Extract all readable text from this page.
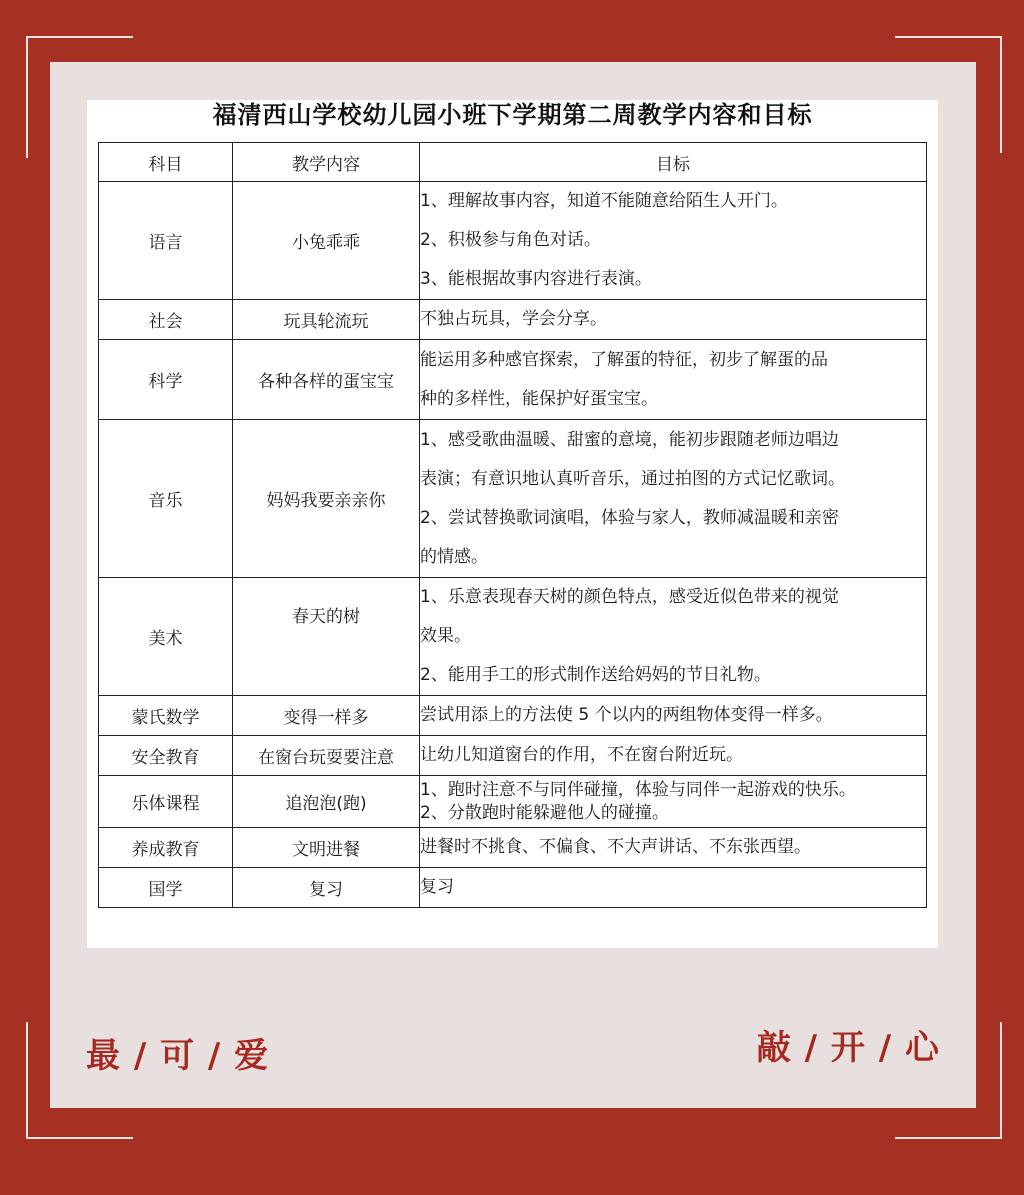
福清西山学校幼儿园小班下学期第二周教学内容和目标
科目	教学内容	目标
语言	小兔乖乖	1、理解故事内容，知道不能随意给陌生人开门。
2、积极参与角色对话。
3、能根据故事内容进行表演。

社会	玩具轮流玩	不独占玩具，学会分享。

科学	各种各样的蛋宝宝	能运用多种感官探索，了解蛋的特征，初步了解蛋的品
种的多样性，能保护好蛋宝宝。

音乐	妈妈我要亲亲你	1、感受歌曲温暖、甜蜜的意境，能初步跟随老师边唱边
表演；有意识地认真听音乐，通过拍图的方式记忆歌词。
2、尝试替换歌词演唱，体验与家人，教师减温暖和亲密
的情感。

美术	春天的树	1、乐意表现春天树的颜色特点，感受近似色带来的视觉
效果。
2、能用手工的形式制作送给妈妈的节日礼物。

蒙氏数学	变得一样多	尝试用添上的方法使 5 个以内的两组物体变得一样多。

安全教育	在窗台玩耍要注意	让幼儿知道窗台的作用，不在窗台附近玩。

乐体课程	追泡泡(跑)	1、跑时注意不与同伴碰撞，体验与同伴一起游戏的快乐。
2、分散跑时能躲避他人的碰撞。

养成教育	文明进餐	进餐时不挑食、不偏食、不大声讲话、不东张西望。

国学	复习	复习
最 / 可 / 爱	敲 / 开 / 心
